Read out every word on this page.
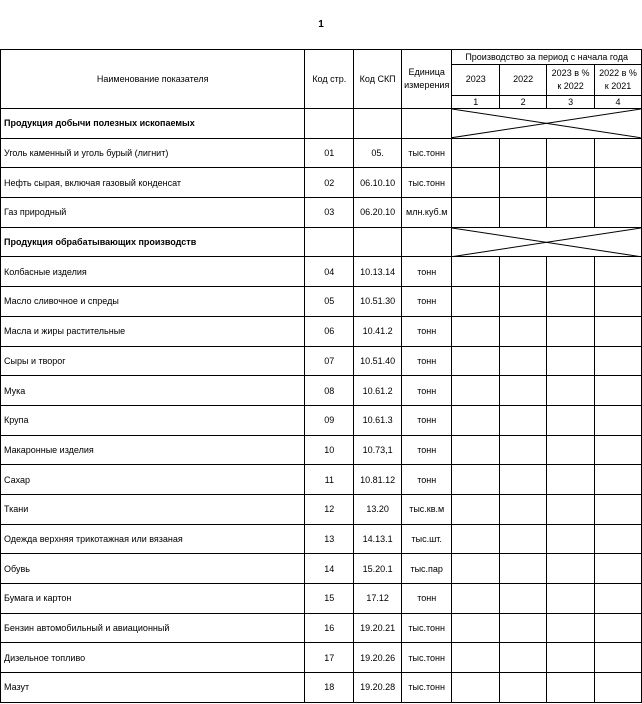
1
Наименование показателя	Код стр.	Код СКП	Единица измерения	Производство за период с начала года			
				2023	2022	2023 в % к 2022	2022 в % к 2021
				1	2	3	4
Продукция добычи полезных ископаемых				

Уголь каменный и уголь бурый (лигнит)	01	05.	тыс.тонн				
Нефть сырая, включая газовый конденсат	02	06.10.10	тыс.тонн				
Газ природный	03	06.20.10	млн.куб.м				
Продукция обрабатывающих производств				

Колбасные изделия	04	10.13.14	тонн				
Масло сливочное и спреды	05	10.51.30	тонн				
Масла и жиры растительные	06	10.41.2	тонн				
Сыры и творог	07	10.51.40	тонн				
Мука	08	10.61.2	тонн				
Крупа	09	10.61.3	тонн				
Макаронные изделия	10	10.73,1	тонн				
Сахар	11	10.81.12	тонн				
Ткани	12	13.20	тыс.кв.м				
Одежда верхняя трикотажная или вязаная	13	14.13.1	тыс.шт.				
Обувь	14	15.20.1	тыс.пар				
Бумага и картон	15	17.12	тонн				
Бензин автомобильный и авиационный	16	19.20.21	тыс.тонн				
Дизельное топливо	17	19.20.26	тыс.тонн				
Мазут	18	19.20.28	тыс.тонн				
